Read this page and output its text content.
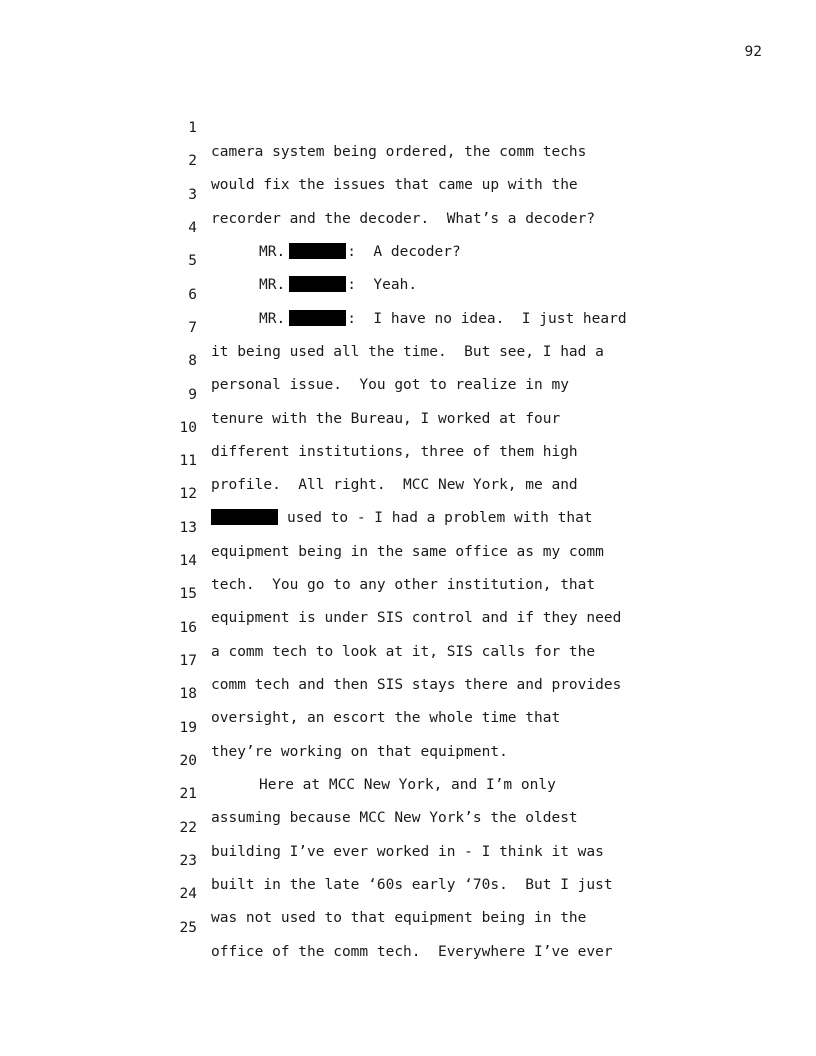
92

1

camera system being ordered, the comm techs

2

would fix the issues that came up with the

3

recorder and the decoder.  What’s a decoder?

4

MR.	:  A decoder?

5

MR.	:  Yeah.

6

MR.	:  I have no idea.  I just heard

7

it being used all the time.  But see, I had a

8

personal issue.  You got to realize in my

9

tenure with the Bureau, I worked at four

10

different institutions, three of them high

11

profile.  All right.  MCC New York, me and

12

used to - I had a problem with that

13

equipment being in the same office as my comm

14

tech.  You go to any other institution, that

15

equipment is under SIS control and if they need

16

a comm tech to look at it, SIS calls for the

17

comm tech and then SIS stays there and provides

18

oversight, an escort the whole time that

19

they’re working on that equipment.

20

Here at MCC New York, and I’m only

21

assuming because MCC New York’s the oldest

22

building I’ve ever worked in - I think it was

23

built in the late ‘60s early ‘70s.  But I just

24

was not used to that equipment being in the

25

office of the comm tech.  Everywhere I’ve ever
